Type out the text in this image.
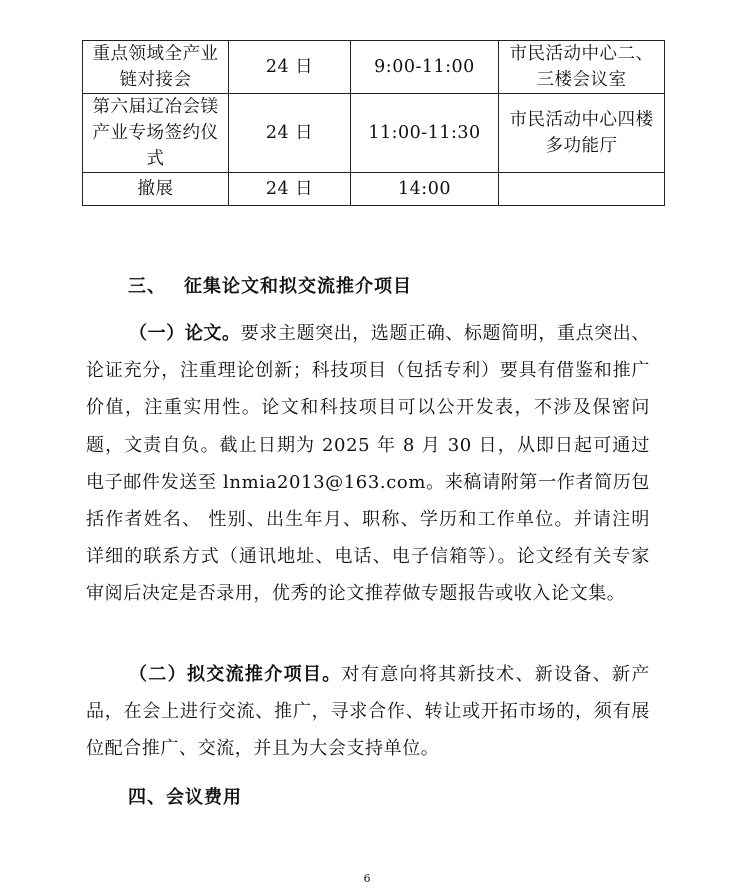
重点领域全产业链对接会	24 日	9:00-11:00	市民活动中心二、三楼会议室
第六届辽冶会镁产业专场签约仪式	24 日	11:00-11:30	市民活动中心四楼多功能厅
撤展	24 日	14:00	
三、 征集论文和拟交流推介项目
（一）论文。要求主题突出，选题正确、标题简明，重点突出、论证充分，注重理论创新；科技项目（包括专利）要具有借鉴和推广价值，注重实用性。论文和科技项目可以公开发表，不涉及保密问题，文责自负。截止日期为 2025 年 8 月 30 日，从即日起可通过电子邮件发送至 lnmia2013@163.com。来稿请附第一作者简历包括作者姓名、 性别、出生年月、职称、学历和工作单位。并请注明详细的联系方式（通讯地址、电话、电子信箱等）。论文经有关专家审阅后决定是否录用，优秀的论文推荐做专题报告或收入论文集。
（二）拟交流推介项目。对有意向将其新技术、新设备、新产品，在会上进行交流、推广，寻求合作、转让或开拓市场的，须有展位配合推广、交流，并且为大会支持单位。
四、会议费用
6
